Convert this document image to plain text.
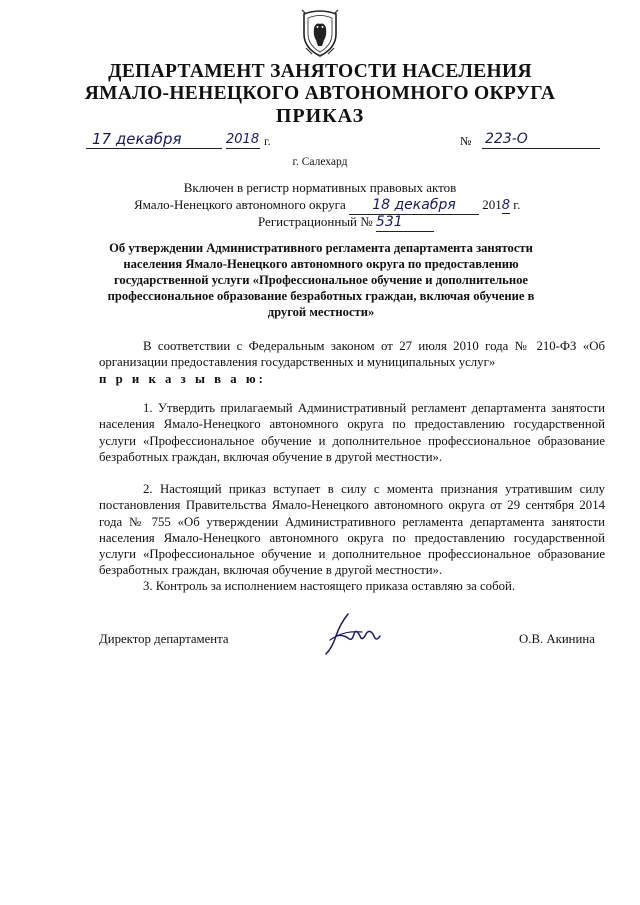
ДЕПАРТАМЕНТ ЗАНЯТОСТИ НАСЕЛЕНИЯ
ЯМАЛО-НЕНЕЦКОГО АВТОНОМНОГО ОКРУГА
ПРИКАЗ
17 декабря	2018 г.	№ 223-О
г. Салехард
Включен в регистр нормативных правовых актов
Ямало-Ненецкого автономного округа 18 декабря 2018 г.
Регистрационный № 531
Об утверждении Административного регламента департамента занятости населения Ямало-Ненецкого автономного округа по предоставлению государственной услуги «Профессиональное обучение и дополнительное профессиональное образование безработных граждан, включая обучение в другой местности»
В соответствии с Федеральным законом от 27 июля 2010 года № 210-ФЗ «Об организации предоставления государственных и муниципальных услуг»
п р и к а з ы в а ю:
1. Утвердить прилагаемый Административный регламент департамента занятости населения Ямало-Ненецкого автономного округа по предоставлению государственной услуги «Профессиональное обучение и дополнительное профессиональное образование безработных граждан, включая обучение в другой местности».
2. Настоящий приказ вступает в силу с момента признания утратившим силу постановления Правительства Ямало-Ненецкого автономного округа от 29 сентября 2014 года № 755 «Об утверждении Административного регламента департамента занятости населения Ямало-Ненецкого автономного округа по предоставлению государственной услуги «Профессиональное обучение и дополнительное профессиональное образование безработных граждан, включая обучение в другой местности».
3. Контроль за исполнением настоящего приказа оставляю за собой.
Директор департамента	О.В. Акинина
